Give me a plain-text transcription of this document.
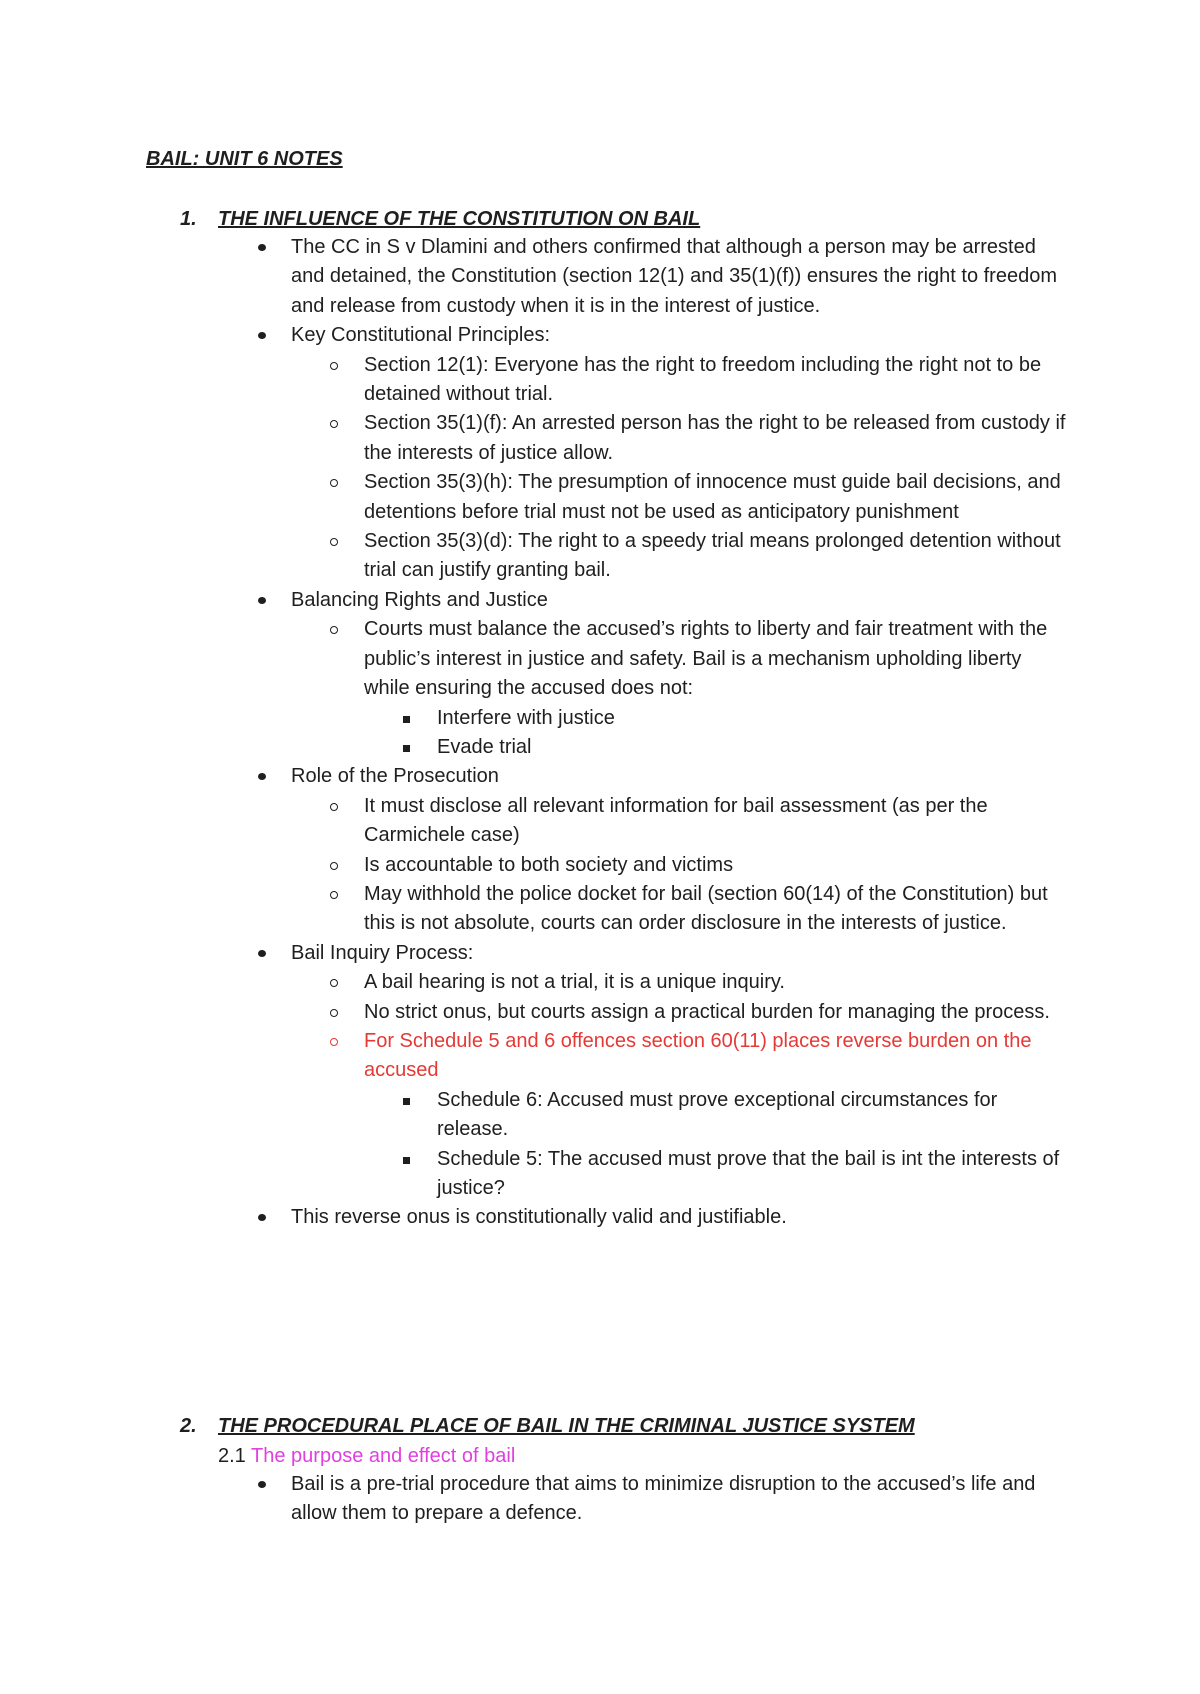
BAIL: UNIT 6 NOTES
1. THE INFLUENCE OF THE CONSTITUTION ON BAIL
The CC in S v Dlamini and others confirmed that although a person may be arrested and detained, the Constitution (section 12(1) and 35(1)(f)) ensures the right to freedom and release from custody when it is in the interest of justice.
Key Constitutional Principles:
Section 12(1): Everyone has the right to freedom including the right not to be detained without trial.
Section 35(1)(f): An arrested person has the right to be released from custody if the interests of justice allow.
Section 35(3)(h): The presumption of innocence must guide bail decisions, and detentions before trial must not be used as anticipatory punishment
Section 35(3)(d): The right to a speedy trial means prolonged detention without trial can justify granting bail.
Balancing Rights and Justice
Courts must balance the accused’s rights to liberty and fair treatment with the public’s interest in justice and safety. Bail is a mechanism upholding liberty while ensuring the accused does not:
Interfere with justice
Evade trial
Role of the Prosecution
It must disclose all relevant information for bail assessment (as per the Carmichele case)
Is accountable to both society and victims
May withhold the police docket for bail (section 60(14) of the Constitution) but this is not absolute, courts can order disclosure in the interests of justice.
Bail Inquiry Process:
A bail hearing is not a trial, it is a unique inquiry.
No strict onus, but courts assign a practical burden for managing the process.
For Schedule 5 and 6 offences section 60(11) places reverse burden on the accused
Schedule 6: Accused must prove exceptional circumstances for release.
Schedule 5: The accused must prove that the bail is int the interests of justice?
This reverse onus is constitutionally valid and justifiable.
2. THE PROCEDURAL PLACE OF BAIL IN THE CRIMINAL JUSTICE SYSTEM
2.1 The purpose and effect of bail
Bail is a pre-trial procedure that aims to minimize disruption to the accused’s life and allow them to prepare a defence.
